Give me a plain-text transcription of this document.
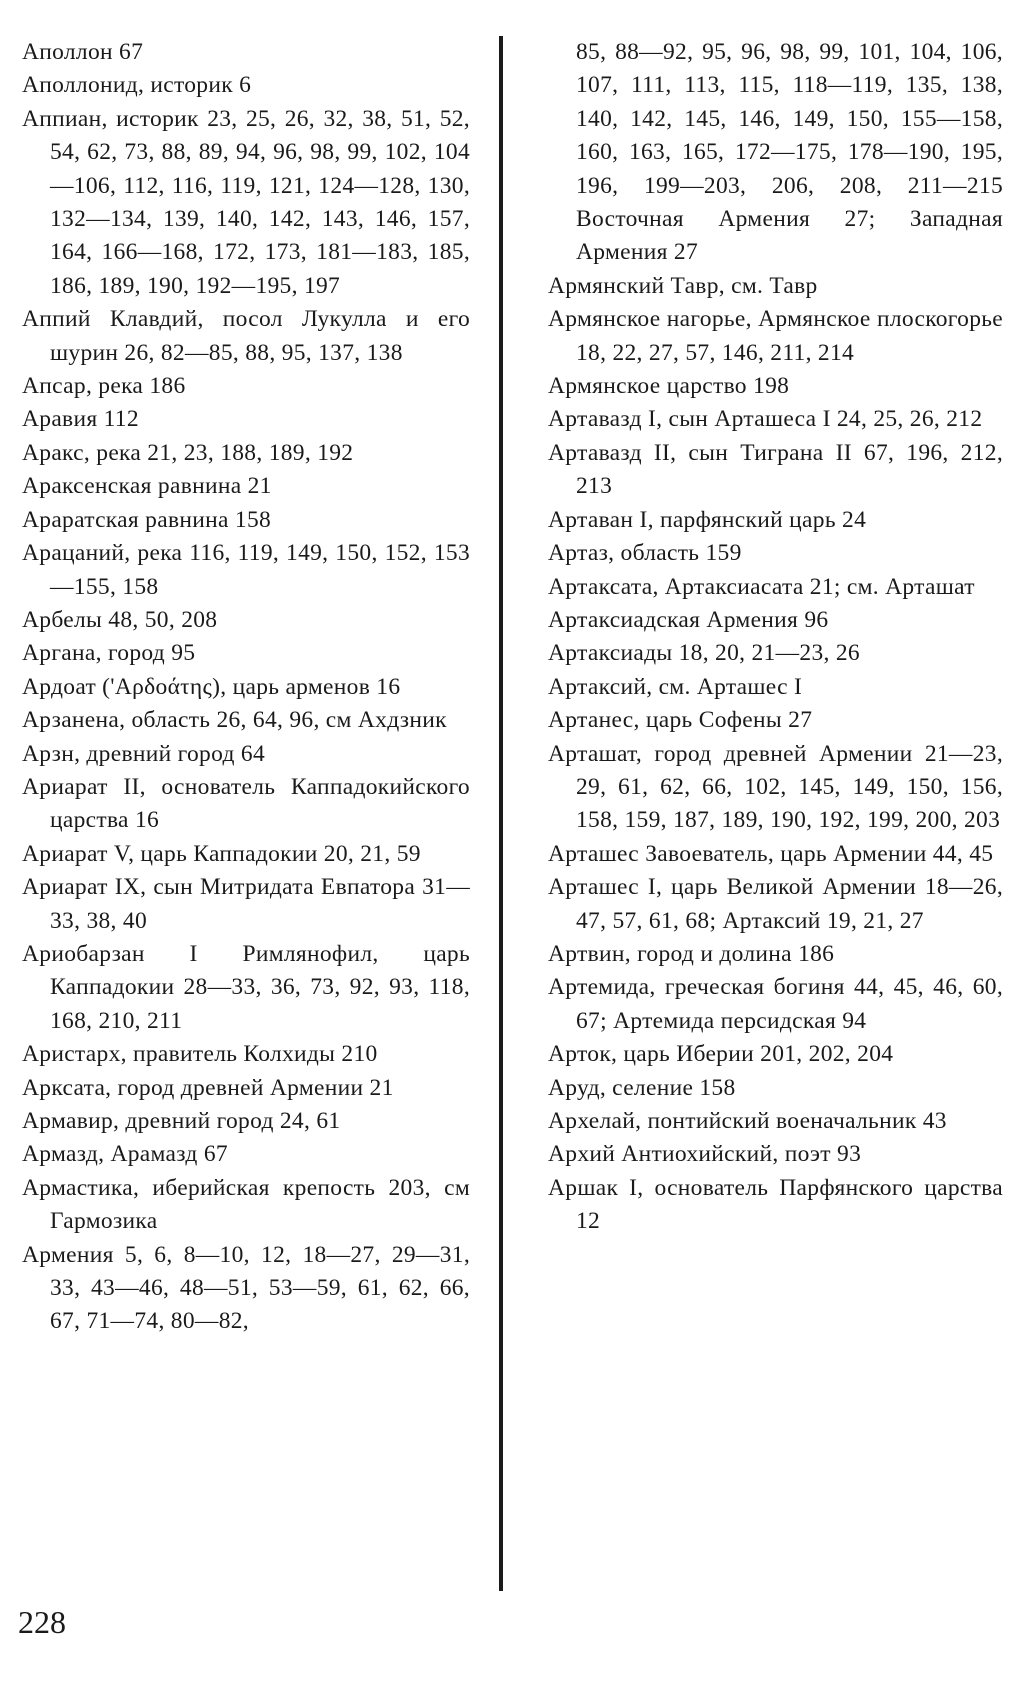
Аполлон 67
Аполлонид, историк 6
Аппиан, историк 23, 25, 26, 32, 38, 51, 52, 54, 62, 73, 88, 89, 94, 96, 98, 99, 102, 104—106, 112, 116, 119, 121, 124—128, 130, 132—134, 139, 140, 142, 143, 146, 157, 164, 166—168, 172, 173, 181—183, 185, 186, 189, 190, 192—195, 197
Аппий Клавдий, посол Лукулла и его шурин 26, 82—85, 88, 95, 137, 138
Апсар, река 186
Аравия 112
Аракс, река 21, 23, 188, 189, 192
Араксенская равнина 21
Араратская равнина 158
Арацаний, река 116, 119, 149, 150, 152, 153—155, 158
Арбелы 48, 50, 208
Аргана, город 95
Ардоат ('Αρδοάτης), царь арменов 16
Арзанена, область 26, 64, 96, см Ахдзник
Арзн, древний город 64
Ариарат II, основатель Каппадокийского царства 16
Ариарат V, царь Каппадокии 20, 21, 59
Ариарат IX, сын Митридата Евпатора 31—33, 38, 40
Ариобарзан I Римлянофил, царь Каппадокии 28—33, 36, 73, 92, 93, 118, 168, 210, 211
Аристарх, правитель Колхиды 210
Арксата, город древней Армении 21
Армавир, древний город 24, 61
Армазд, Арамазд 67
Армастика, иберийская крепость 203, см Гармозика
Армения 5, 6, 8—10, 12, 18—27, 29—31, 33, 43—46, 48—51, 53—59, 61, 62, 66, 67, 71—74, 80—82,
85, 88—92, 95, 96, 98, 99, 101, 104, 106, 107, 111, 113, 115, 118—119, 135, 138, 140, 142, 145, 146, 149, 150, 155—158, 160, 163, 165, 172—175, 178—190, 195, 196, 199—203, 206, 208, 211—215 Восточная Армения 27; Западная Армения 27
Армянский Тавр, см. Тавр
Армянское нагорье, Армянское плоскогорье 18, 22, 27, 57, 146, 211, 214
Армянское царство 198
Артавазд I, сын Арташеса I 24, 25, 26, 212
Артавазд II, сын Тиграна II 67, 196, 212, 213
Артаван I, парфянский царь 24
Артаз, область 159
Артаксата, Артаксиасата 21; см. Арташат
Артаксиадская Армения 96
Артаксиады 18, 20, 21—23, 26
Артаксий, см. Арташес I
Артанес, царь Софены 27
Арташат, город древней Армении 21—23, 29, 61, 62, 66, 102, 145, 149, 150, 156, 158, 159, 187, 189, 190, 192, 199, 200, 203
Арташес Завоеватель, царь Армении 44, 45
Арташес I, царь Великой Армении 18—26, 47, 57, 61, 68; Артаксий 19, 21, 27
Артвин, город и долина 186
Артемида, греческая богиня 44, 45, 46, 60, 67; Артемида персидская 94
Арток, царь Иберии 201, 202, 204
Аруд, селение 158
Архелай, понтийский военачальник 43
Архий Антиохийский, поэт 93
Аршак I, основатель Парфянского царства 12
228
